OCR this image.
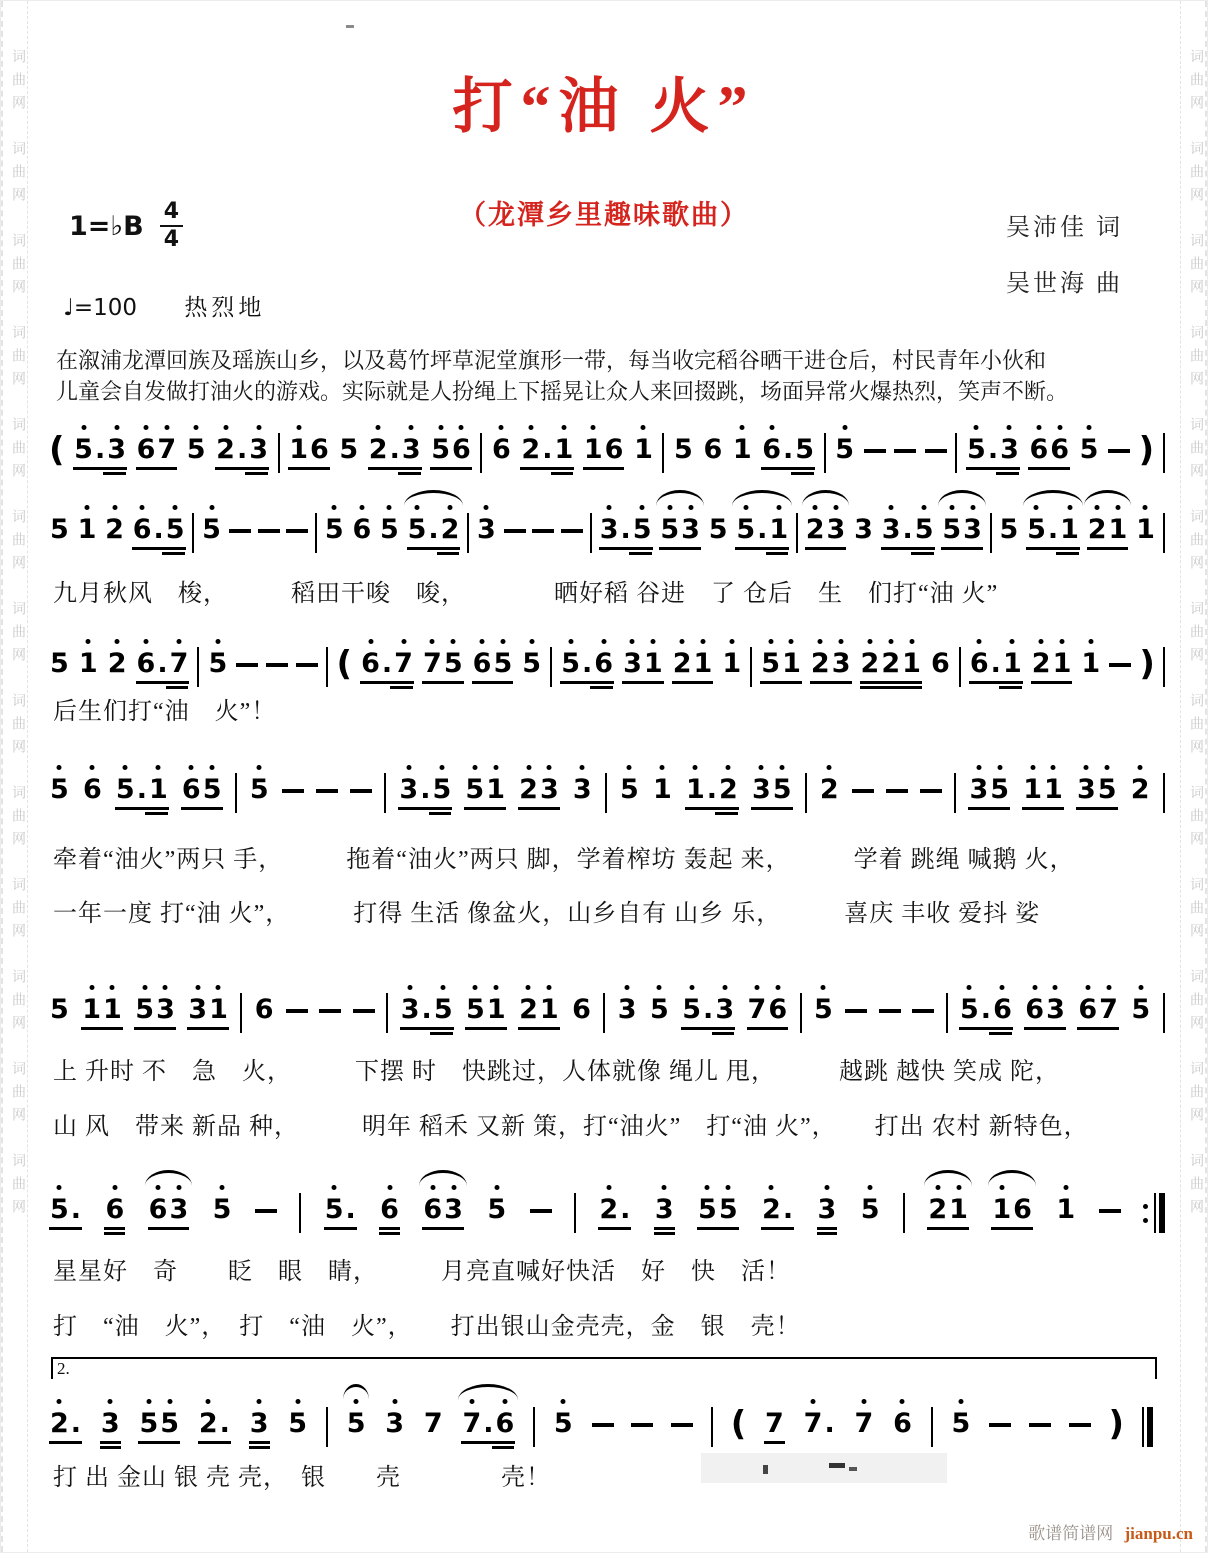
词曲网　词曲网　词曲网　词曲网　词曲网　词曲网　词曲网　词曲网　词曲网　词曲网　词曲网　词曲网　词曲网	词曲网　词曲网　词曲网　词曲网　词曲网　词曲网　词曲网　词曲网　词曲网　词曲网　词曲网　词曲网　词曲网
打“油 火”
（龙潭乡里趣味歌曲）
1=♭B $\frac{4}{4}$
♩=100 热烈地
吴沛佳 词
吴世海 曲
在溆浦龙潭回族及瑶族山乡，以及葛竹坪草泥堂旗形一带，每当收完稻谷晒干进仓后，村民青年小伙和
儿童会自发做打油火的游戏。实际就是人扮绳上下摇晃让众人来回掇跳，场面异常火爆热烈，笑声不断。
( 5 . 3 6 7 5 2 . 3 1 6 5 2 . 3 5 6 6 2 . 1 1 6 1 5 6 1 6 . 5 5	5 . 3 6 6 5 )
5 1 2 6 . 5 5	5 6 5 5 . 2 3	3 . 5 5 3 5 5 . 1 2 3 3 3 . 5 5 3 5 5 . 1 2 1 1
九月秋风　梭，　　　稻田干唆　唆，　　　　晒好稻 谷进　了 仓后　生　们打“油 火”
5 1 2 6 . 7 5	( 6 . 7 7 5 6 5 5 5 . 6 3 1 2 1 1 5 1 2 3 2 2 1 6 6 . 1 2 1 1 )
后生们打“油　火”！
5 6 5 . 1 6 5 5	3 . 5 5 1 2 3 3 5 1 1 . 2 3 5 2	3 5 1 1 3 5 2
牵着“油火”两只 手，　　　拖着“油火”两只 脚，学着榨坊 轰起 来，　　　学着 跳绳 喊鹅 火，
一年一度 打“油 火”，　　　打得 生活 像盆火，山乡自有 山乡 乐，　　　喜庆 丰收 爱抖 娑
5 1 1 5 3 3 1 6	3 . 5 5 1 2 1 6 3 5 5 . 3 7 6 5	5 . 6 6 3 6 7 5
上 升时 不　急　火，　　　下摆 时　快跳过，人体就像 绳儿 甩，　　　越跳 越快 笑成 陀，
山 风　带来 新品 种，　　　明年 稻禾 又新 策，打“油火”　打“油 火”，　　打出 农村 新特色，
5 . 6 6 3 5	5 . 6 6 3 5	2 . 3 5 5 2 . 3 5 2 1 1 6 1
星星好　奇　　眨　眼　睛，　　　月亮直喊好快活　好　快　活！
打　“油　火”，　打　“油　火”，　　打出银山金壳壳，金　银　壳！
2.
2 . 3 5 5 2 . 3 5 5 3 7 7 . 6 5	( 7 7 . 7 6 5	)
打 出 金山 银 壳 壳，　银　　壳　　　　壳！
歌谱简谱网 jianpu.cn
